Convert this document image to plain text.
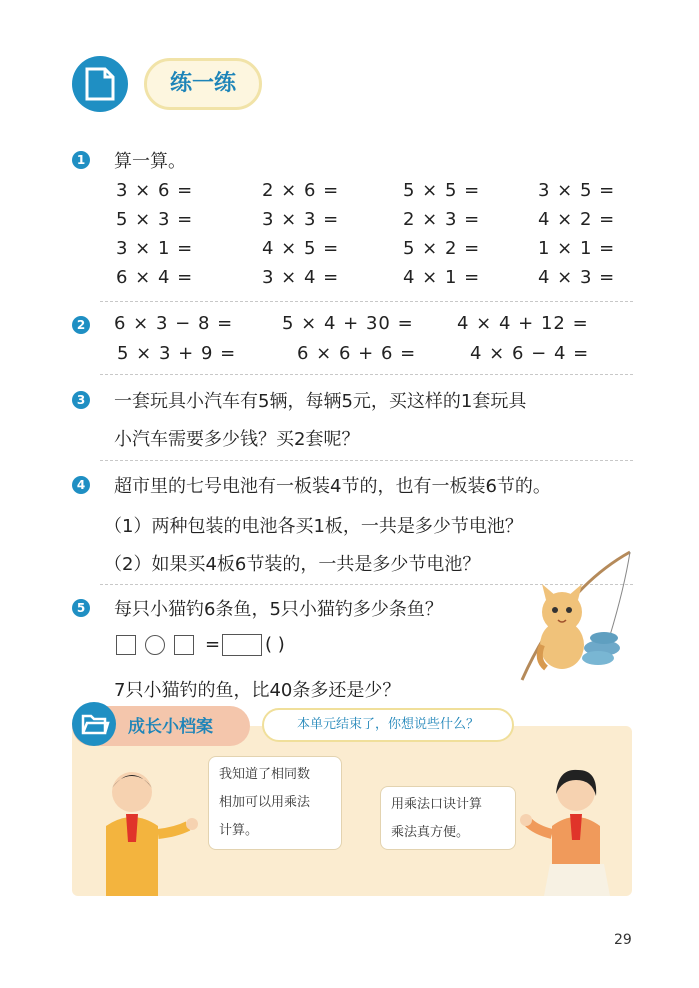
练一练
1 算一算。
3 × 6 =	2 × 6 =	5 × 5 =	3 × 5 =
5 × 3 =	3 × 3 =	2 × 3 =	4 × 2 =
3 × 1 =	4 × 5 =	5 × 2 =	1 × 1 =
6 × 4 =	3 × 4 =	4 × 1 =	4 × 3 =
2 6 × 3 − 8 =	5 × 4 + 30 = 4 × 4 + 12 =
5 × 3 + 9 =	6 × 6 + 6 =	4 × 6 − 4 =
3 一套玩具小汽车有5辆，每辆5元，买这样的1套玩具
小汽车需要多少钱？买2套呢？
4 超市里的七号电池有一板装4节的，也有一板装6节的。
（1）两种包装的电池各买1板，一共是多少节电池？
（2）如果买4板6节装的，一共是多少节电池？
5 每只小猫钓6条鱼，5只小猫钓多少条鱼？
= ( )
7只小猫钓的鱼，比40条多还是少？
成长小档案	本单元结束了，你想说些什么？
我知道了相同数
相加可以用乘法
计算。
用乘法口诀计算
乘法真方便。
29
